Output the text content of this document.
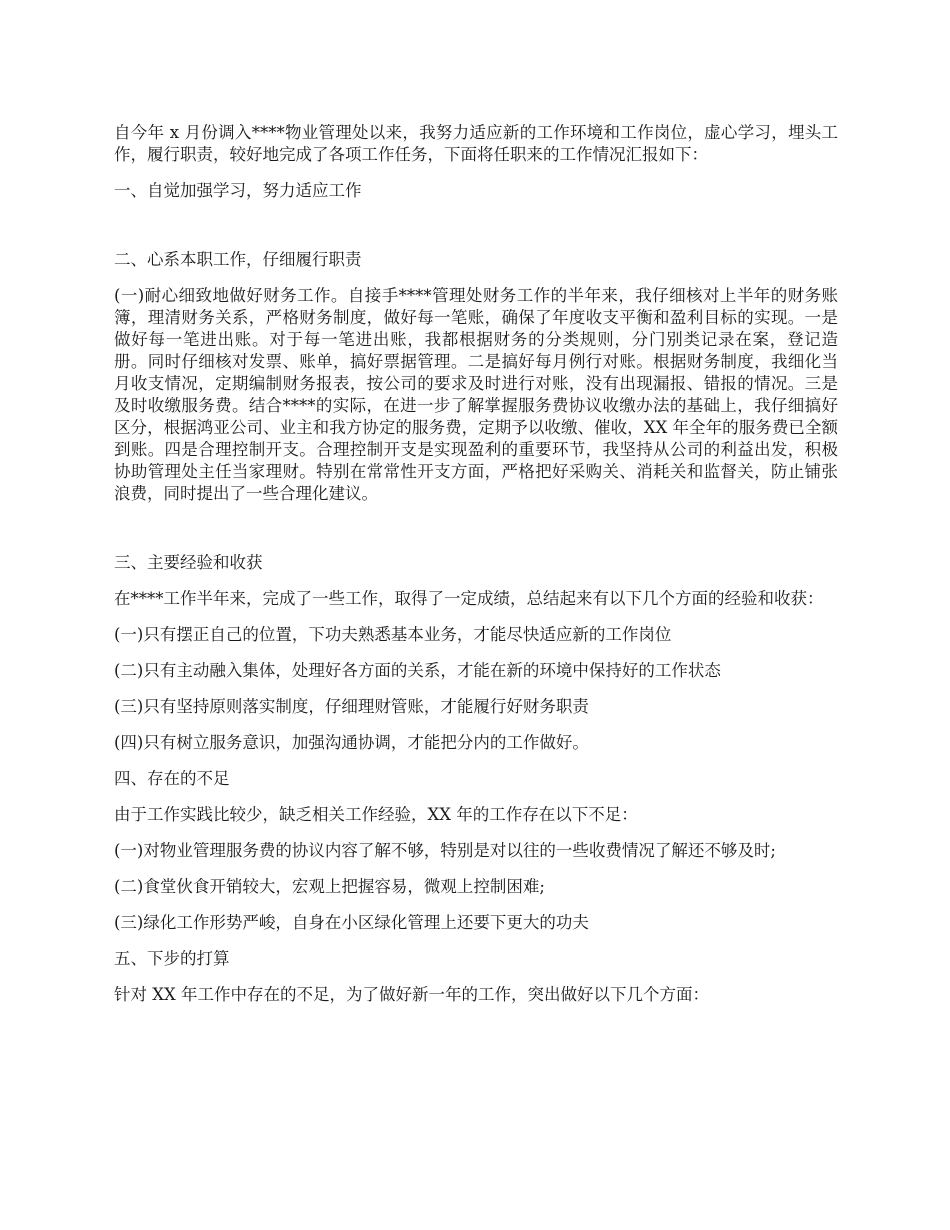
自今年 x 月份调入****物业管理处以来，我努力适应新的工作环境和工作岗位，虚心学习，埋头工作，履行职责，较好地完成了各项工作任务，下面将任职来的工作情况汇报如下：

一、自觉加强学习，努力适应工作

二、心系本职工作，仔细履行职责

(一)耐心细致地做好财务工作。自接手****管理处财务工作的半年来，我仔细核对上半年的财务账簿，理清财务关系，严格财务制度，做好每一笔账，确保了年度收支平衡和盈利目标的实现。一是做好每一笔进出账。对于每一笔进出账，我都根据财务的分类规则，分门别类记录在案，登记造册。同时仔细核对发票、账单，搞好票据管理。二是搞好每月例行对账。根据财务制度，我细化当月收支情况，定期编制财务报表，按公司的要求及时进行对账，没有出现漏报、错报的情况。三是及时收缴服务费。结合****的实际，在进一步了解掌握服务费协议收缴办法的基础上，我仔细搞好区分，根据鸿亚公司、业主和我方协定的服务费，定期予以收缴、催收，XX 年全年的服务费已全额到账。四是合理控制开支。合理控制开支是实现盈利的重要环节，我坚持从公司的利益出发，积极协助管理处主任当家理财。特别在常常性开支方面，严格把好采购关、消耗关和监督关，防止铺张浪费，同时提出了一些合理化建议。

三、主要经验和收获

在****工作半年来，完成了一些工作，取得了一定成绩，总结起来有以下几个方面的经验和收获：

(一)只有摆正自己的位置，下功夫熟悉基本业务，才能尽快适应新的工作岗位

(二)只有主动融入集体，处理好各方面的关系，才能在新的环境中保持好的工作状态

(三)只有坚持原则落实制度，仔细理财管账，才能履行好财务职责

(四)只有树立服务意识，加强沟通协调，才能把分内的工作做好。

四、存在的不足

由于工作实践比较少，缺乏相关工作经验，XX 年的工作存在以下不足：

(一)对物业管理服务费的协议内容了解不够，特别是对以往的一些收费情况了解还不够及时;

(二)食堂伙食开销较大，宏观上把握容易，微观上控制困难;

(三)绿化工作形势严峻，自身在小区绿化管理上还要下更大的功夫

五、下步的打算

针对 XX 年工作中存在的不足，为了做好新一年的工作，突出做好以下几个方面：
